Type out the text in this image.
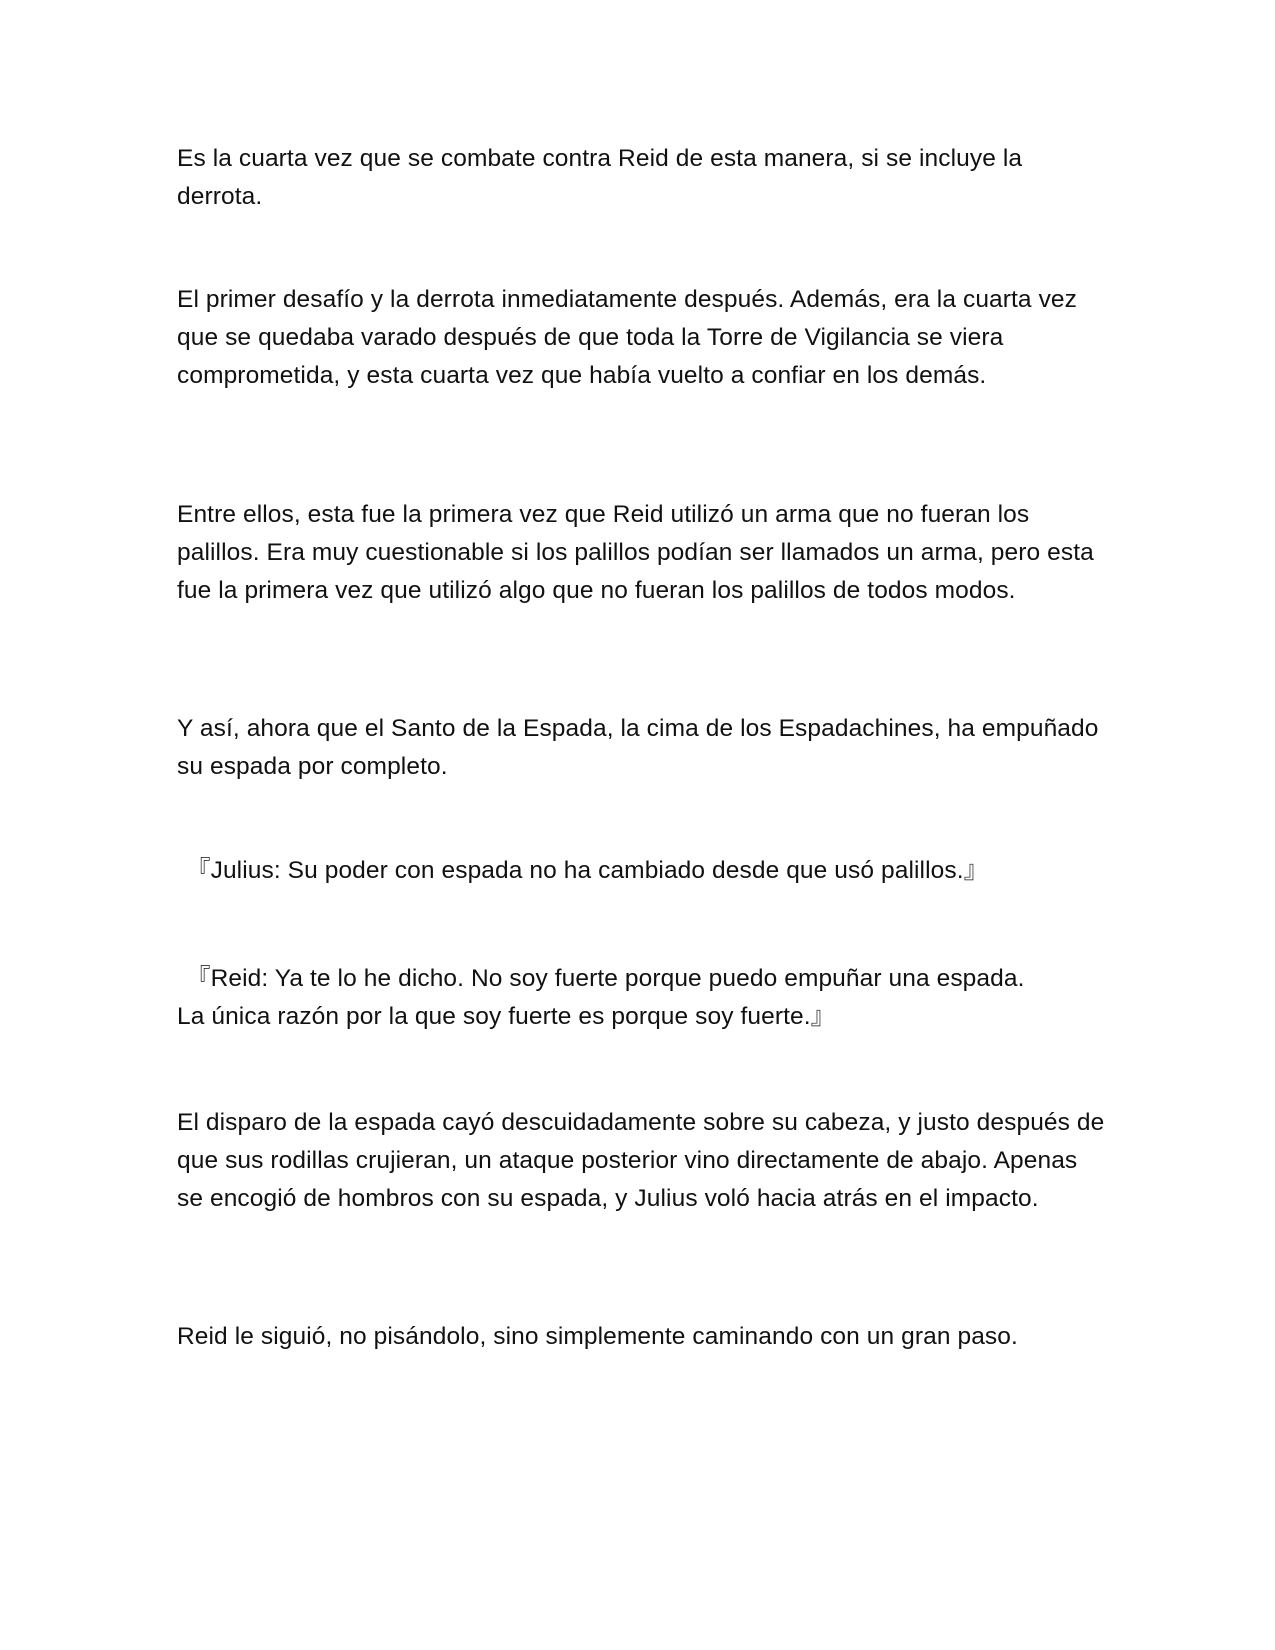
Es la cuarta vez que se combate contra Reid de esta manera, si se incluye la derrota.

El primer desafío y la derrota inmediatamente después. Además, era la cuarta vez que se quedaba varado después de que toda la Torre de Vigilancia se viera comprometida, y esta cuarta vez que había vuelto a confiar en los demás.

Entre ellos, esta fue la primera vez que Reid utilizó un arma que no fueran los palillos. Era muy cuestionable si los palillos podían ser llamados un arma, pero esta fue la primera vez que utilizó algo que no fueran los palillos de todos modos.

Y así, ahora que el Santo de la Espada, la cima de los Espadachines, ha empuñado su espada por completo.

『Julius: Su poder con espada no ha cambiado desde que usó palillos.』

『Reid: Ya te lo he dicho. No soy fuerte porque puedo empuñar una espada.
La única razón por la que soy fuerte es porque soy fuerte.』

El disparo de la espada cayó descuidadamente sobre su cabeza, y justo después de que sus rodillas crujieran, un ataque posterior vino directamente de abajo. Apenas se encogió de hombros con su espada, y Julius voló hacia atrás en el impacto.

Reid le siguió, no pisándolo, sino simplemente caminando con un gran paso.
